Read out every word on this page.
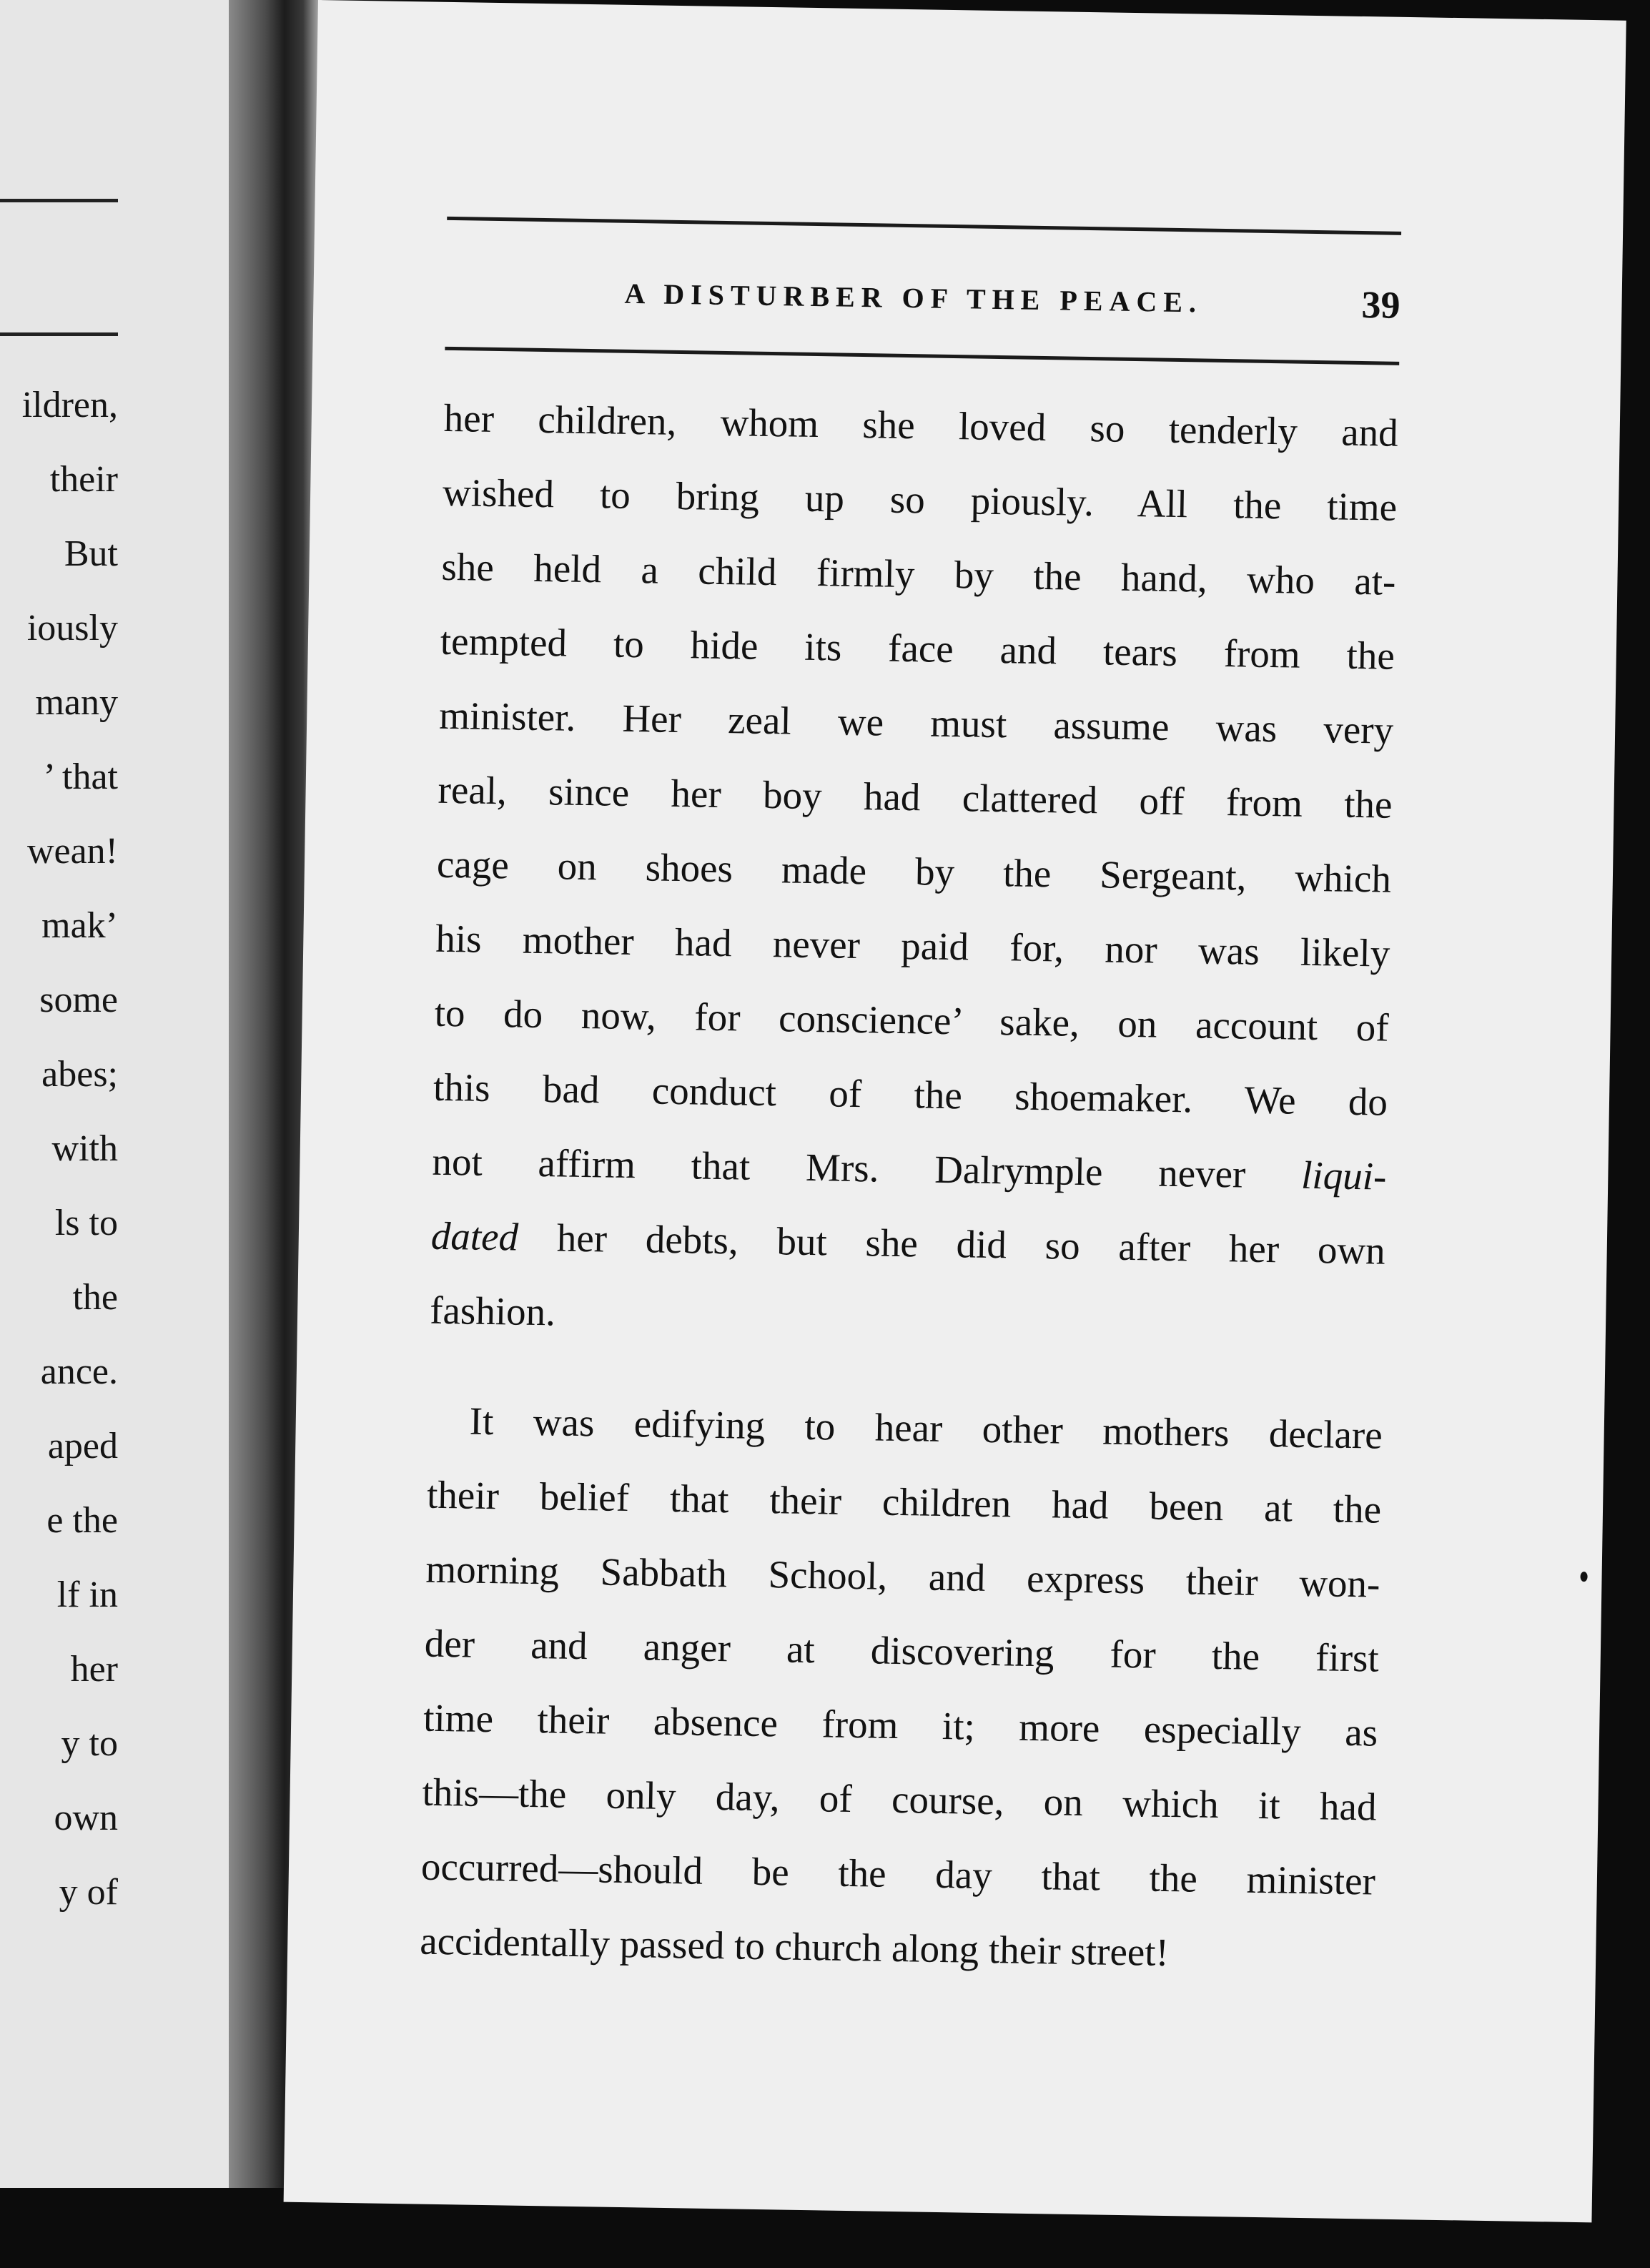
ildren,
their
But
iously
many
’ that
wean!
mak’
some
abes;
with
ls to
the
ance.
aped
e the
lf in
her
y to
own
y of
A DISTURBER OF THE PEACE.	39
her children, whom she loved so tenderly and
wished to bring up so piously. All the time
she held a child firmly by the hand, who at-
tempted to hide its face and tears from the
minister. Her zeal we must assume was very
real, since her boy had clattered off from the
cage on shoes made by the Sergeant, which
his mother had never paid for, nor was likely
to do now, for conscience’ sake, on account of
this bad conduct of the shoemaker. We do
not affirm that Mrs. Dalrymple never liqui-
dated her debts, but she did so after her own
fashion.
It was edifying to hear other mothers declare
their belief that their children had been at the
morning Sabbath School, and express their won-
der and anger at discovering for the first
time their absence from it; more especially as
this—the only day, of course, on which it had
occurred—should be the day that the minister
accidentally passed to church along their street!
